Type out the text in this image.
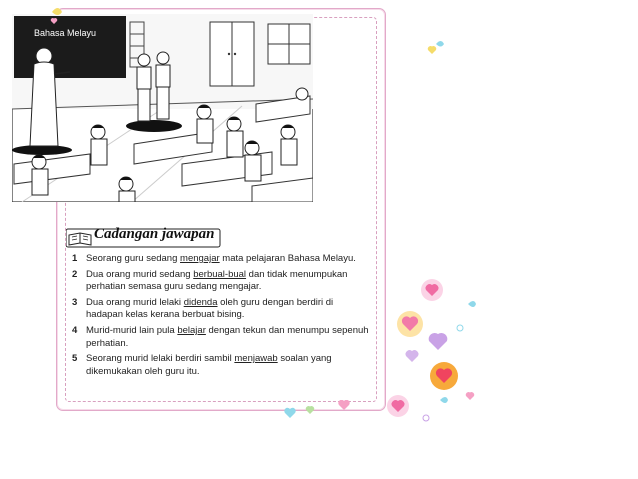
Bahasa Melayu
Cadangan jawapan
1 Seorang guru sedang mengajar mata pelajaran Bahasa Melayu.
2 Dua orang murid sedang berbual-bual dan tidak menumpukan perhatian semasa guru sedang mengajar.
3 Dua orang murid lelaki didenda oleh guru dengan berdiri di hadapan kelas kerana berbuat bising.
4 Murid-murid lain pula belajar dengan tekun dan menumpu sepenuh perhatian.
5 Seorang murid lelaki berdiri sambil menjawab soalan yang dikemukakan oleh guru itu.
